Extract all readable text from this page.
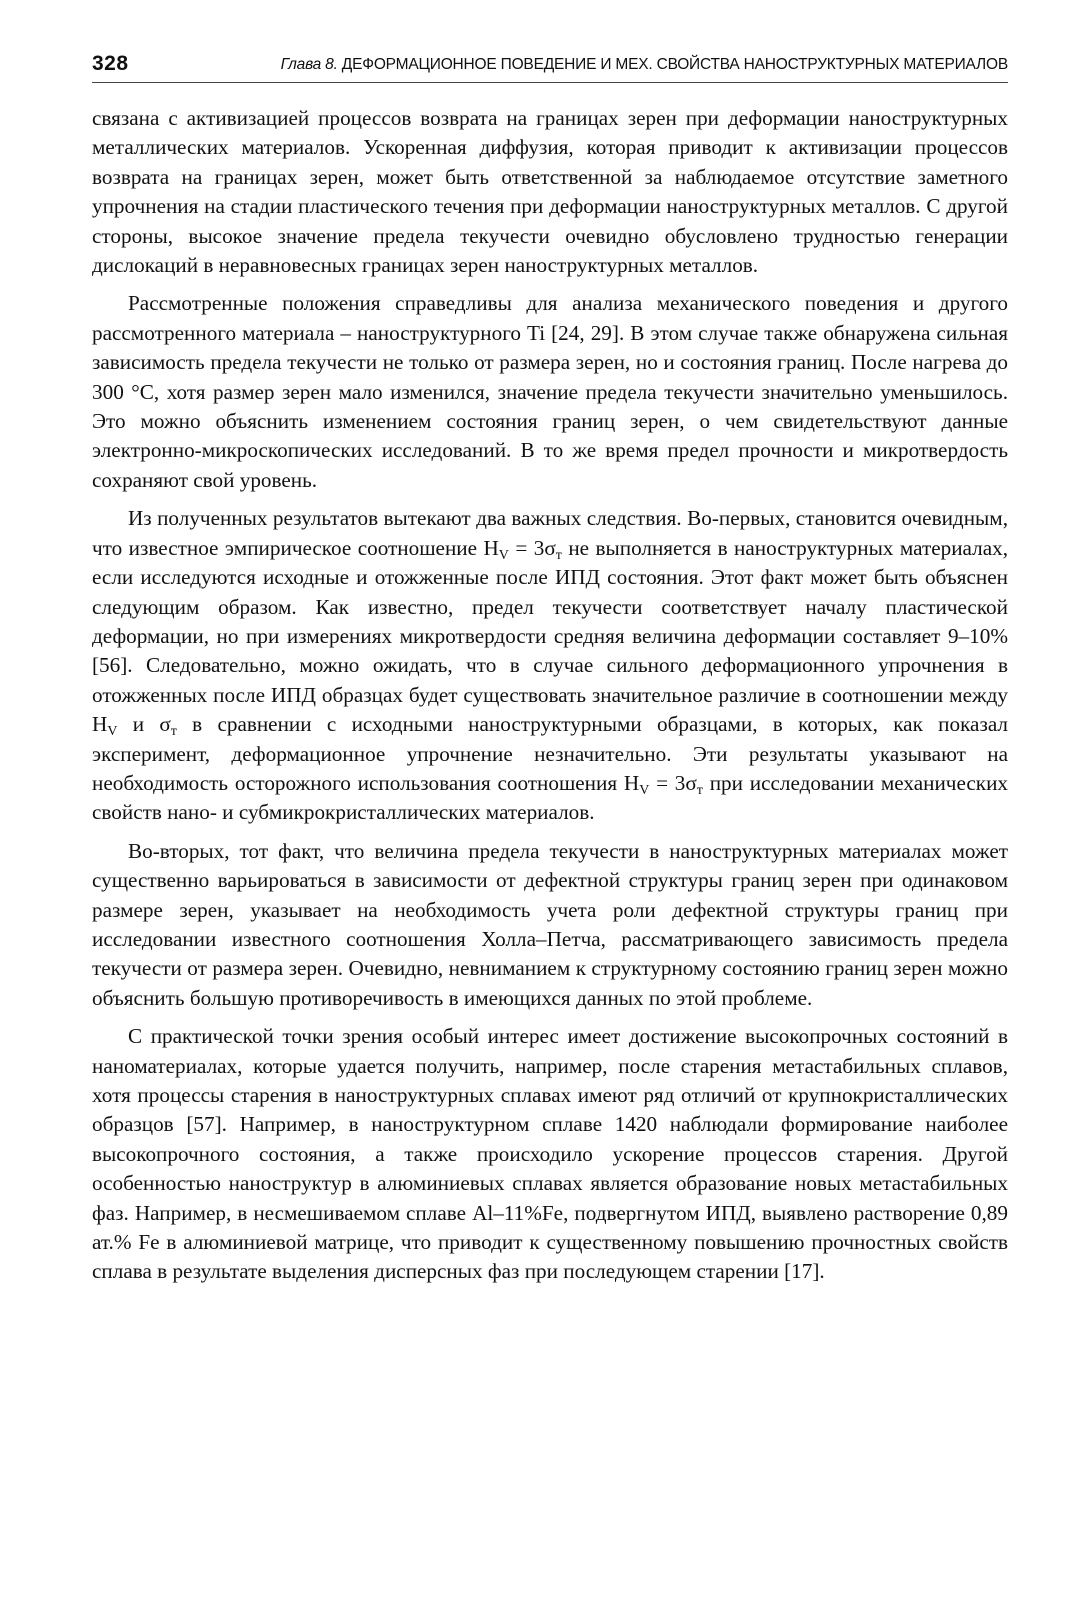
328	Глава 8. ДЕФОРМАЦИОННОЕ ПОВЕДЕНИЕ И МЕХ. СВОЙСТВА НАНОСТРУКТУРНЫХ МАТЕРИАЛОВ

связана с активизацией процессов возврата на границах зерен при деформации наноструктурных металлических материалов. Ускоренная диффузия, которая приводит к активизации процессов возврата на границах зерен, может быть ответственной за наблюдаемое отсутствие заметного упрочнения на стадии пластического течения при деформации наноструктурных металлов. С другой стороны, высокое значение предела текучести очевидно обусловлено трудностью генерации дислокаций в неравновесных границах зерен наноструктурных металлов.

Рассмотренные положения справедливы для анализа механического поведения и другого рассмотренного материала – наноструктурного Ti [24, 29]. В этом случае также обнаружена сильная зависимость предела текучести не только от размера зерен, но и состояния границ. После нагрева до 300 °С, хотя размер зерен мало изменился, значение предела текучести значительно уменьшилось. Это можно объяснить изменением состояния границ зерен, о чем свидетельствуют данные электронно-микроскопических исследований. В то же время предел прочности и микротвердость сохраняют свой уровень.

Из полученных результатов вытекают два важных следствия. Во-первых, становится очевидным, что известное эмпирическое соотношение $H_V = 3\sigma_т$ не выполняется в наноструктурных материалах, если исследуются исходные и отожженные после ИПД состояния. Этот факт может быть объяснен следующим образом. Как известно, предел текучести соответствует началу пластической деформации, но при измерениях микротвердости средняя величина деформации составляет 9–10% [56]. Следовательно, можно ожидать, что в случае сильного деформационного упрочнения в отожженных после ИПД образцах будет существовать значительное различие в соотношении между $H_V$ и $\sigma_т$ в сравнении с исходными наноструктурными образцами, в которых, как показал эксперимент, деформационное упрочнение незначительно. Эти результаты указывают на необходимость осторожного использования соотношения $H_V = 3\sigma_т$ при исследовании механических свойств нано- и субмикрокристаллических материалов.

Во-вторых, тот факт, что величина предела текучести в наноструктурных материалах может существенно варьироваться в зависимости от дефектной структуры границ зерен при одинаковом размере зерен, указывает на необходимость учета роли дефектной структуры границ при исследовании известного соотношения Холла–Петча, рассматривающего зависимость предела текучести от размера зерен. Очевидно, невниманием к структурному состоянию границ зерен можно объяснить большую противоречивость в имеющихся данных по этой проблеме.

С практической точки зрения особый интерес имеет достижение высокопрочных состояний в наноматериалах, которые удается получить, например, после старения метастабильных сплавов, хотя процессы старения в наноструктурных сплавах имеют ряд отличий от крупнокристаллических образцов [57]. Например, в наноструктурном сплаве 1420 наблюдали формирование наиболее высокопрочного состояния, а также происходило ускорение процессов старения. Другой особенностью наноструктур в алюминиевых сплавах является образование новых метастабильных фаз. Например, в несмешиваемом сплаве Al–11%Fe, подвергнутом ИПД, выявлено растворение 0,89 ат.% Fe в алюминиевой матрице, что приводит к существенному повышению прочностных свойств сплава в результате выделения дисперсных фаз при последующем старении [17].
